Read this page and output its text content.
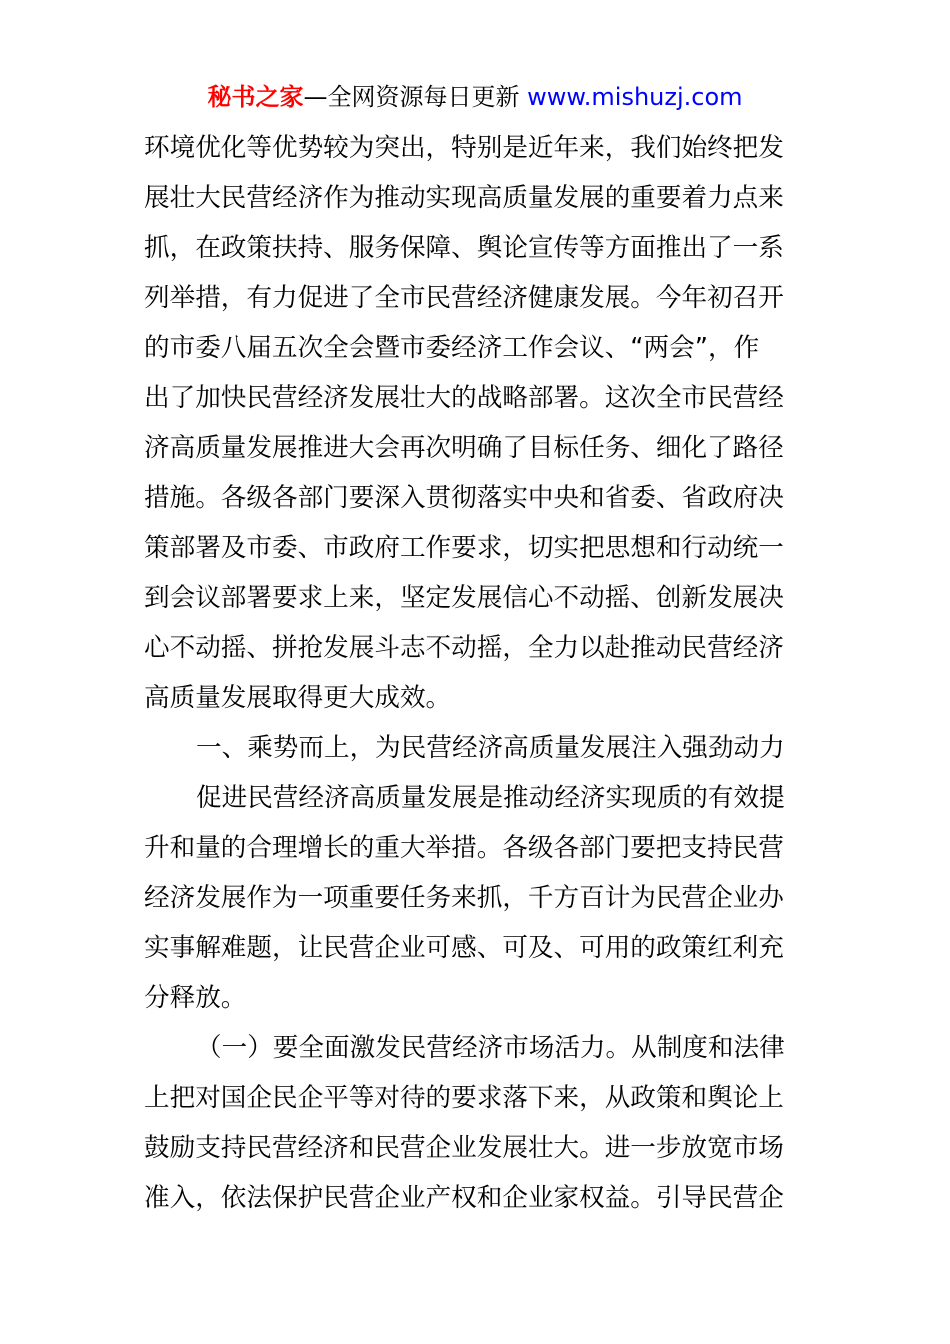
秘书之家—全网资源每日更新 www.mishuzj.com
环境优化等优势较为突出，特别是近年来，我们始终把发
展壮大民营经济作为推动实现高质量发展的重要着力点来
抓，在政策扶持、服务保障、舆论宣传等方面推出了一系
列举措，有力促进了全市民营经济健康发展。今年初召开
的市委八届五次全会暨市委经济工作会议、“两会”，作
出了加快民营经济发展壮大的战略部署。这次全市民营经
济高质量发展推进大会再次明确了目标任务、细化了路径
措施。各级各部门要深入贯彻落实中央和省委、省政府决
策部署及市委、市政府工作要求，切实把思想和行动统一
到会议部署要求上来，坚定发展信心不动摇、创新发展决
心不动摇、拼抢发展斗志不动摇，全力以赴推动民营经济
高质量发展取得更大成效。
一、乘势而上，为民营经济高质量发展注入强劲动力
促进民营经济高质量发展是推动经济实现质的有效提
升和量的合理增长的重大举措。各级各部门要把支持民营
经济发展作为一项重要任务来抓，千方百计为民营企业办
实事解难题，让民营企业可感、可及、可用的政策红利充
分释放。
（一）要全面激发民营经济市场活力。从制度和法律
上把对国企民企平等对待的要求落下来，从政策和舆论上
鼓励支持民营经济和民营企业发展壮大。进一步放宽市场
准入，依法保护民营企业产权和企业家权益。引导民营企
